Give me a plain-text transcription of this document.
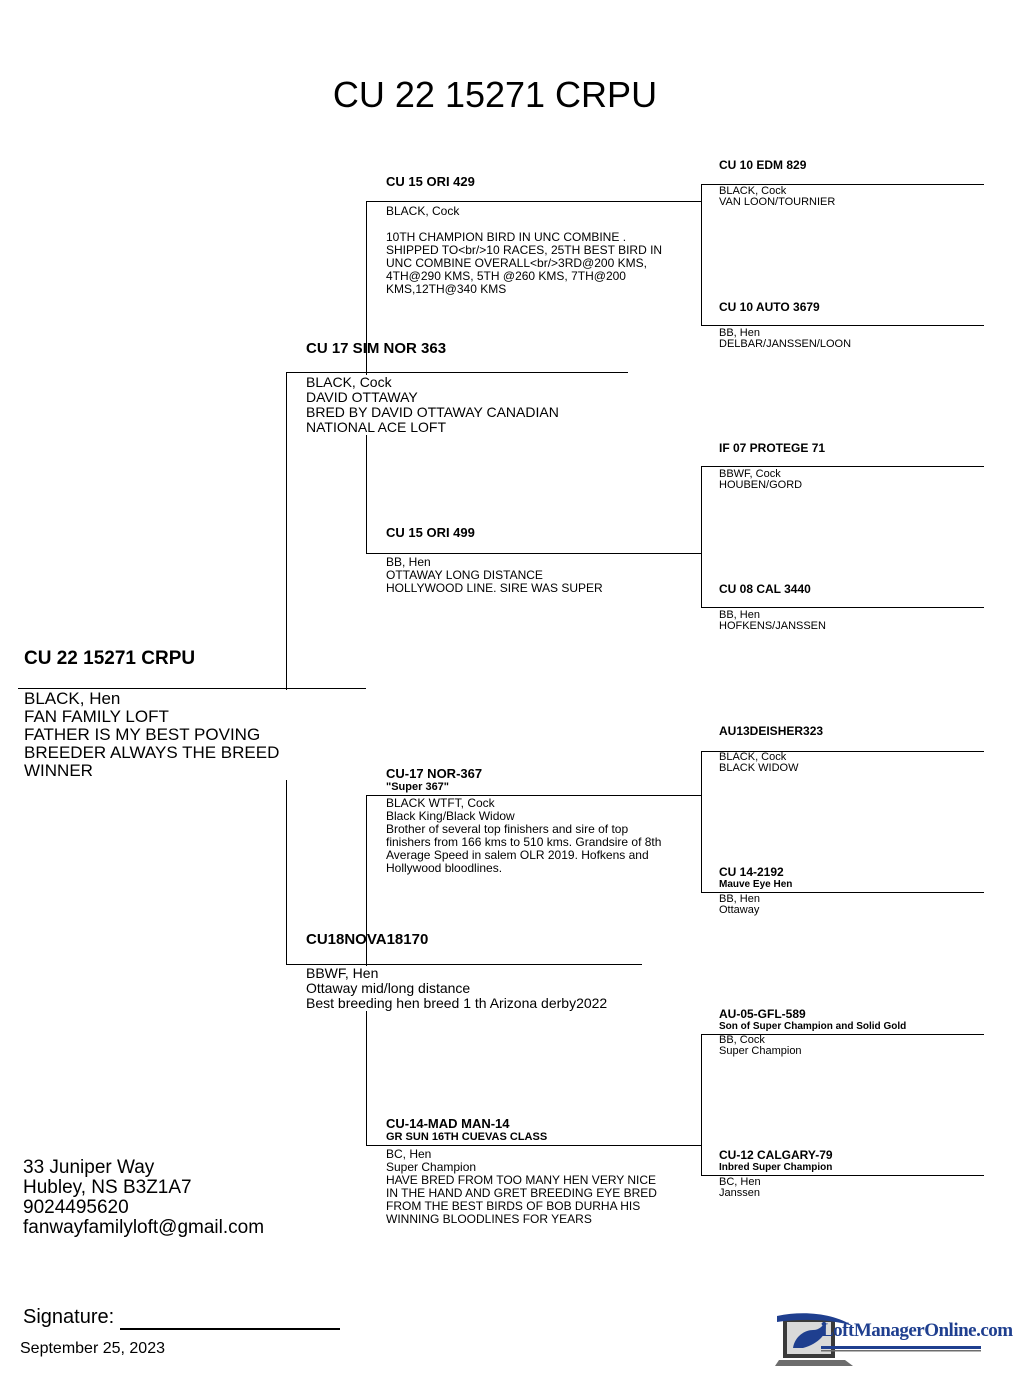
CU 22 15271 CRPU
CU 22 15271 CRPU
BLACK, Hen
FAN FAMILY LOFT
FATHER IS MY BEST POVING
BREEDER ALWAYS THE BREED
WINNER
CU 17 SIM NOR 363
BLACK, Cock
DAVID OTTAWAY
BRED BY DAVID OTTAWAY CANADIAN
NATIONAL ACE LOFT
CU18NOVA18170
BBWF, Hen
Ottaway mid/long distance
Best breeding hen breed 1 th Arizona derby2022
CU 15 ORI 429
BLACK, Cock

10TH CHAMPION BIRD IN UNC COMBINE .
SHIPPED TO<br/>10 RACES, 25TH BEST BIRD IN
UNC COMBINE OVERALL<br/>3RD@200 KMS,
4TH@290 KMS, 5TH @260 KMS, 7TH@200
KMS,12TH@340 KMS
CU 15 ORI 499
BB, Hen
OTTAWAY LONG DISTANCE
HOLLYWOOD LINE. SIRE WAS SUPER
CU-17 NOR-367
"Super 367"
BLACK WTFT, Cock
Black King/Black Widow
Brother of several top finishers and sire of top
finishers from 166 kms to 510 kms. Grandsire of 8th
Average Speed in salem OLR 2019. Hofkens and
Hollywood bloodlines.
CU-14-MAD MAN-14
GR SUN 16TH CUEVAS CLASS
BC, Hen
Super Champion
HAVE BRED FROM TOO MANY HEN VERY NICE
IN THE HAND AND GRET BREEDING EYE BRED
FROM THE BEST BIRDS OF BOB DURHA HIS
WINNING BLOODLINES FOR YEARS
CU 10 EDM 829
BLACK, Cock
VAN LOON/TOURNIER
CU 10 AUTO 3679
BB, Hen
DELBAR/JANSSEN/LOON
IF 07 PROTEGE 71
BBWF, Cock
HOUBEN/GORD
CU 08 CAL 3440
BB, Hen
HOFKENS/JANSSEN
AU13DEISHER323
BLACK, Cock
BLACK WIDOW
CU 14-2192
Mauve Eye Hen
BB, Hen
Ottaway
AU-05-GFL-589
Son of Super Champion and Solid Gold
BB, Cock
Super Champion
CU-12 CALGARY-79
Inbred Super Champion
BC, Hen
Janssen
33 Juniper Way
Hubley, NS B3Z1A7
9024495620
fanwayfamilyloft@gmail.com
Signature:
September 25, 2023
LoftManagerOnline.com
